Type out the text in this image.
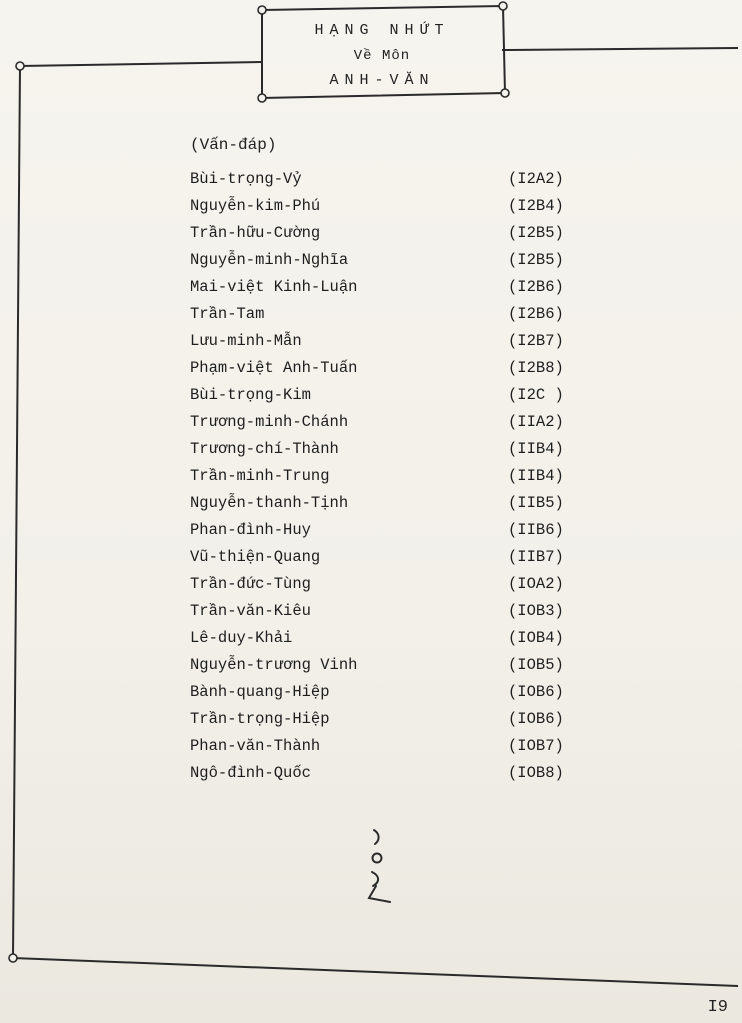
HẠNG NHỨT
Về Môn
ANH-VĂN
(Vấn-đáp)
Bùi-trọng-Vỷ	(I2A2)
Nguyễn-kim-Phú	(I2B4)
Trần-hữu-Cường	(I2B5)
Nguyễn-minh-Nghĩa	(I2B5)
Mai-việt Kinh-Luận	(I2B6)
Trần-Tam	(I2B6)
Lưu-minh-Mẫn	(I2B7)
Phạm-việt Anh-Tuấn	(I2B8)
Bùi-trọng-Kim	(I2C )
Trương-minh-Chánh	(IIA2)
Trương-chí-Thành	(IIB4)
Trần-minh-Trung	(IIB4)
Nguyễn-thanh-Tịnh	(IIB5)
Phan-đình-Huy	(IIB6)
Vũ-thiện-Quang	(IIB7)
Trần-đức-Tùng	(IOA2)
Trần-văn-Kiêu	(IOB3)
Lê-duy-Khải	(IOB4)
Nguyễn-trương Vinh	(IOB5)
Bành-quang-Hiệp	(IOB6)
Trần-trọng-Hiệp	(IOB6)
Phan-văn-Thành	(IOB7)
Ngô-đình-Quốc	(IOB8)
I9
